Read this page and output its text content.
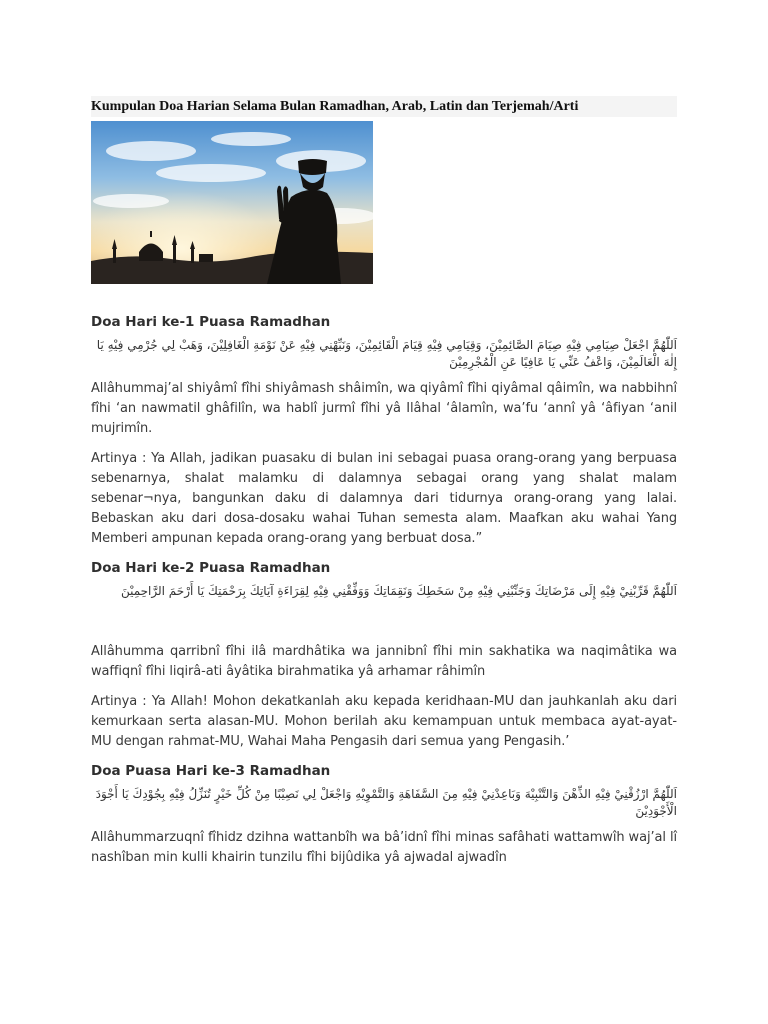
Kumpulan Doa Harian Selama Bulan Ramadhan, Arab, Latin dan Terjemah/Arti
Doa Hari ke-1 Puasa Ramadhan
اَللّٰهُمَّ اجْعَلْ صِيَامِي فِيْهِ صِيَامَ الصَّائِمِيْنَ، وَقِيَامِي فِيْهِ قِيَامَ الْقَائِمِيْنَ، وَنَبِّهْنِي فِيْهِ عَنْ نَوْمَةِ الْغَافِلِيْنَ، وَهَبْ لِي جُرْمِي فِيْهِ يَا إِلٰهَ الْعَالَمِيْنَ، وَاعْفُ عَنِّي يَا عَافِيًا عَنِ الْمُجْرِمِيْنَ

Allâhummaj’al shiyâmî fîhi shiyâmash shâimîn, wa qiyâmî fîhi qiyâmal qâimîn, wa nabbihnî fîhi ‘an nawmatil ghâfilîn, wa hablî jurmî fîhi yâ Ilâhal ‘âlamîn, wa’fu ‘annî yâ ‘âfiyan ‘anil mujrimîn.

Artinya : Ya Allah, jadikan puasaku di bulan ini sebagai puasa orang-orang yang berpuasa sebenarnya, shalat malamku di dalamnya sebagai orang yang shalat malam sebenar¬nya, bangunkan daku di dalamnya dari tidurnya orang-orang yang lalai. Bebaskan aku dari dosa-dosaku wahai Tuhan semesta alam. Maafkan aku wahai Yang Memberi ampunan kepada orang-orang yang berbuat dosa.”

Doa Hari ke-2 Puasa Ramadhan
اَللّٰهُمَّ قَرِّبْنِيْ فِيْهِ إِلَى مَرْضَاتِكَ وَجَنِّبْنِي فِيْهِ مِنْ سَخَطِكَ وَنَقِمَاتِكَ وَوَفِّقْنِي فِيْهِ لِقِرَاءَةِ آيَاتِكَ بِرَحْمَتِكَ يَا أَرْحَمَ الرَّاحِمِيْنَ

Allâhumma qarribnî fîhi ilâ mardhâtika wa jannibnî fîhi min sakhatika wa naqimâtika wa waffiqnî fîhi liqirâ-ati âyâtika birahmatika yâ arhamar râhimîn

Artinya : Ya Allah! Mohon dekatkanlah aku kepada keridhaan-MU dan jauhkanlah aku dari kemurkaan serta alasan-MU. Mohon berilah aku kemampuan untuk membaca ayat-ayat-MU dengan rahmat-MU, Wahai Maha Pengasih dari semua yang Pengasih.’

Doa Puasa Hari ke-3 Ramadhan
اَللّٰهُمَّ ارْزُقْنِيْ فِيْهِ الذِّهْنَ وَالتَّنْبِيْهَ وَبَاعِدْنِيْ فِيْهِ مِنَ السَّفَاهَةِ وَالتَّمْوِيْهِ وَاجْعَلْ لِي نَصِيْبًا مِنْ كُلِّ خَيْرٍ تُنَزِّلُ فِيْهِ بِجُوْدِكَ يَا أَجْوَدَ الْأَجْوَدِيْنَ

Allâhummarzuqnî fîhidz dzihna wattanbîh wa bâ’idnî fîhi minas safâhati wattamwîh waj’al lî nashîban min kulli khairin tunzilu fîhi bijûdika yâ ajwadal ajwadîn
